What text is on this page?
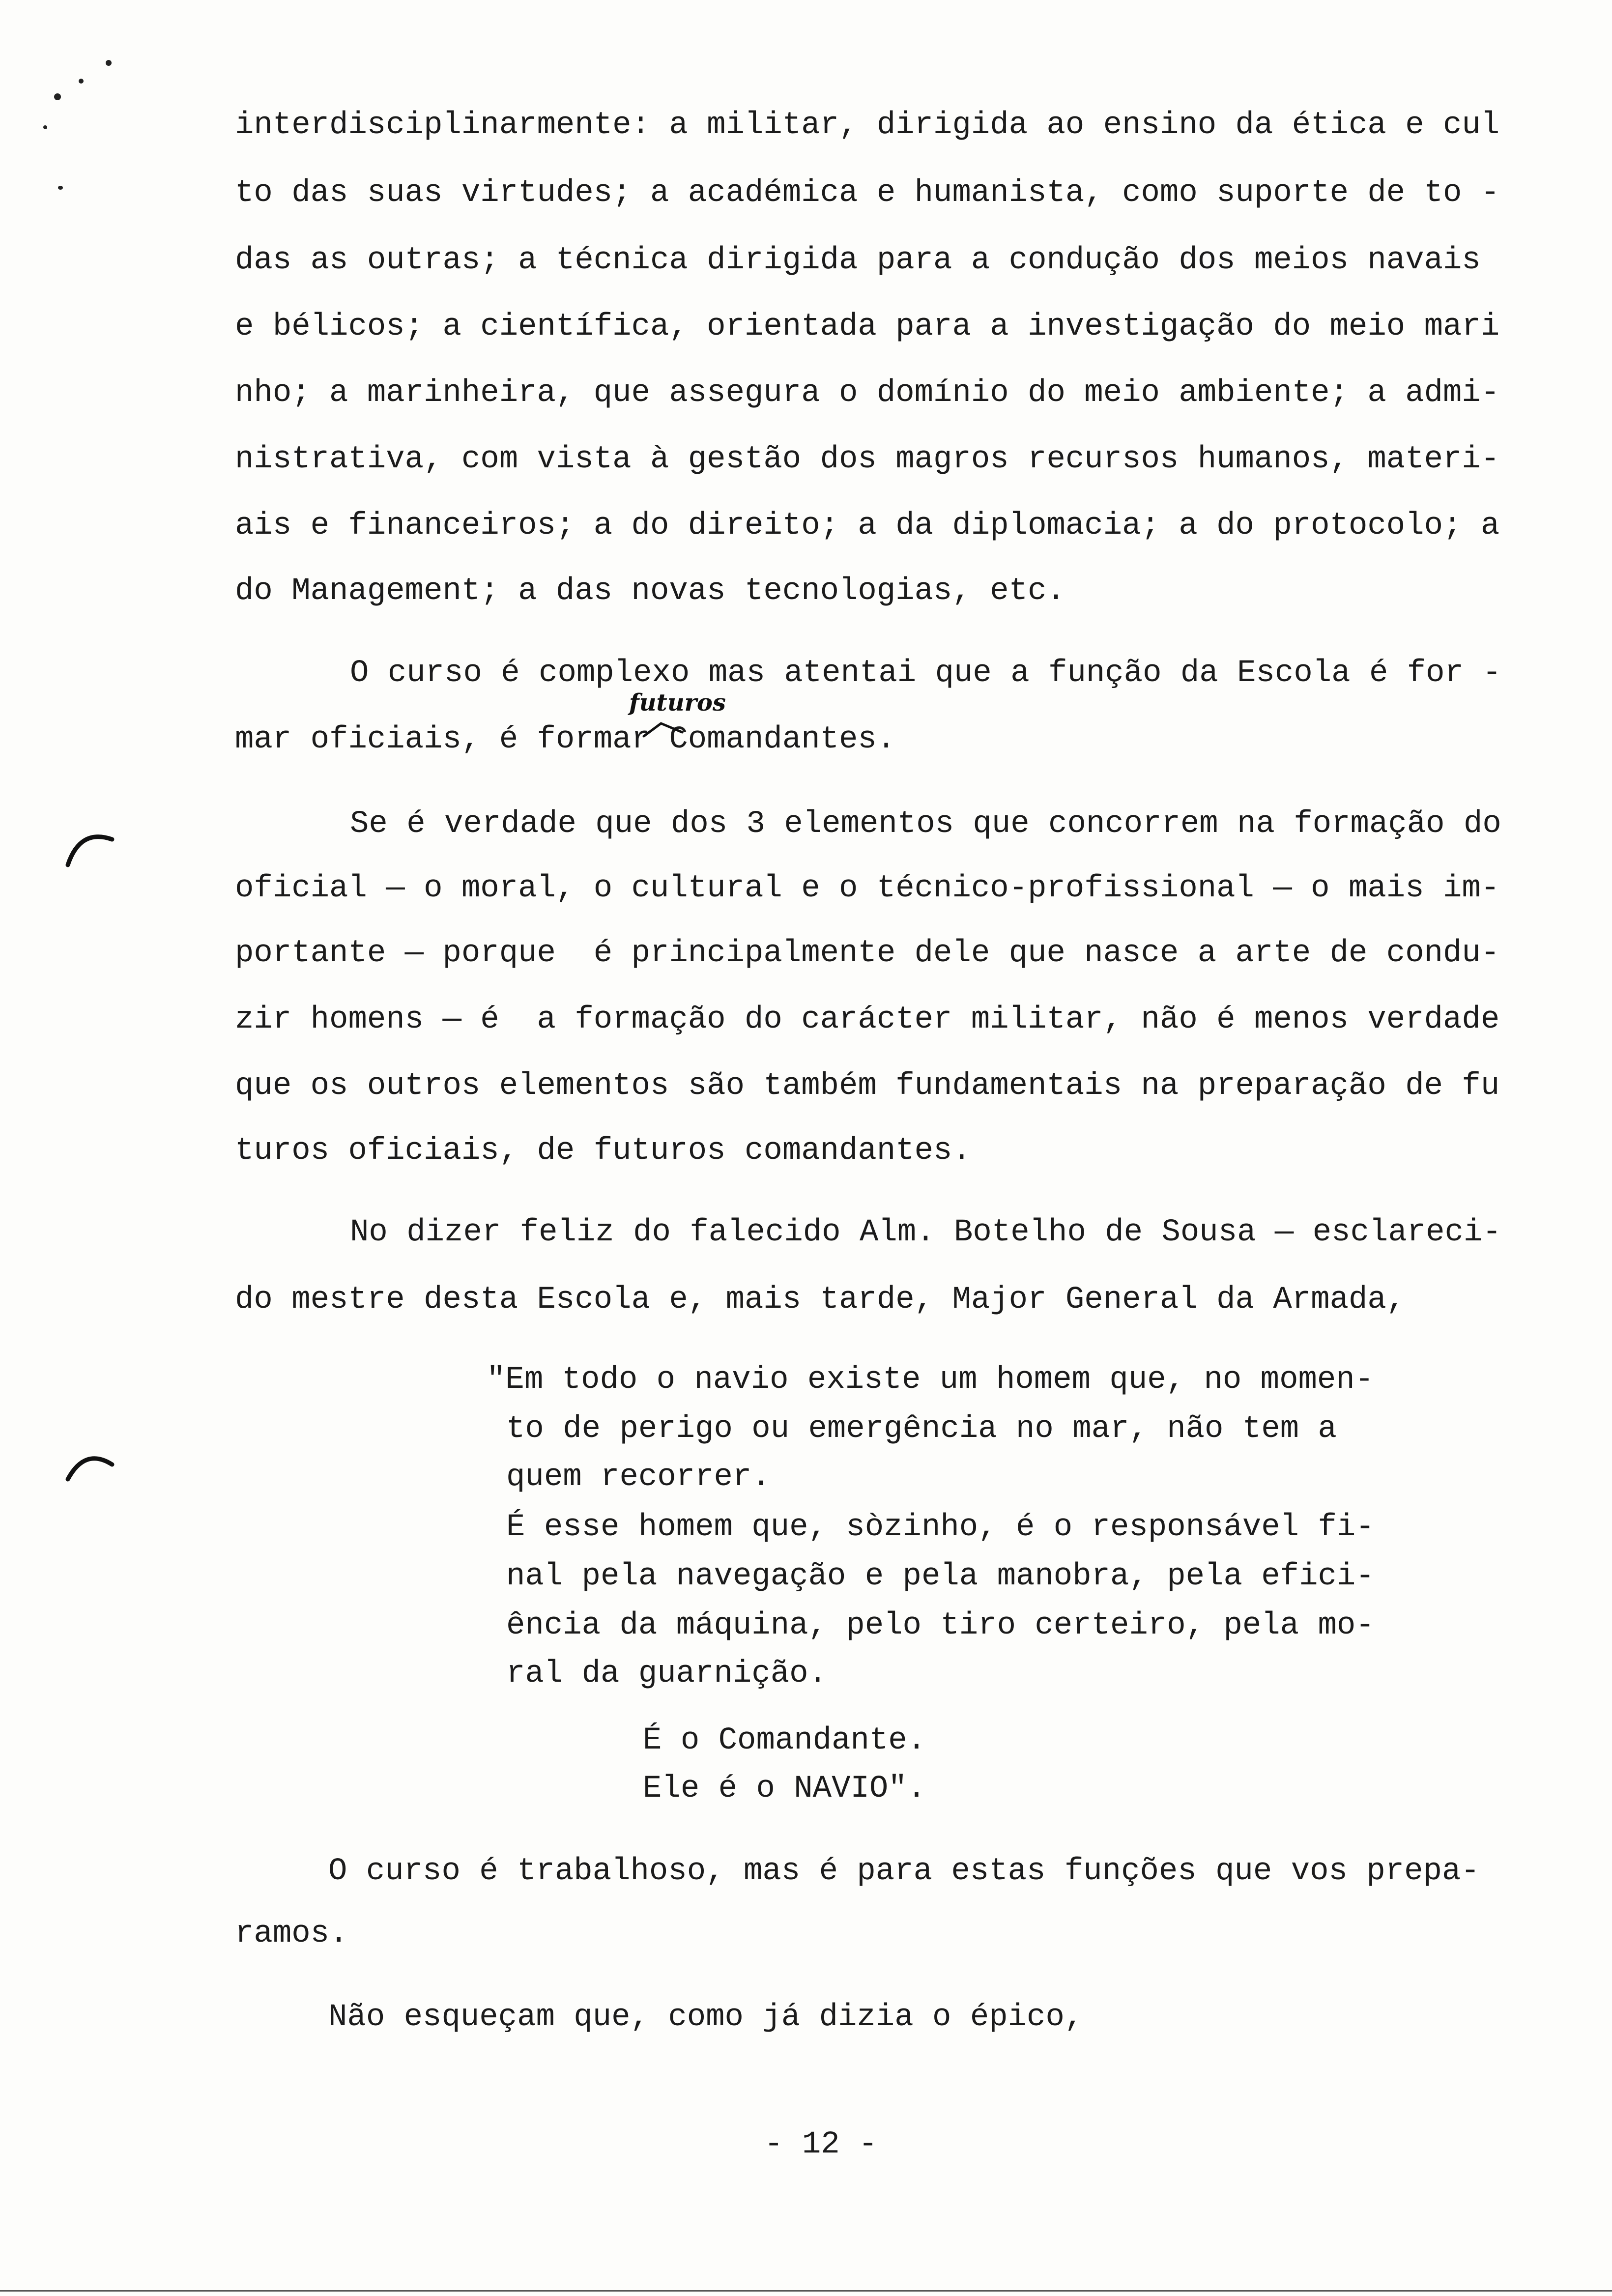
interdisciplinarmente: a militar, dirigida ao ensino da ética e cul
to das suas virtudes; a académica e humanista, como suporte de to -
das as outras; a técnica dirigida para a condução dos meios navais
e bélicos; a científica, orientada para a investigação do meio mari
nho; a marinheira, que assegura o domínio do meio ambiente; a admi-
nistrativa, com vista à gestão dos magros recursos humanos, materi-
ais e financeiros; a do direito; a da diplomacia; a do protocolo; a
do Management; a das novas tecnologias, etc.
O curso é complexo mas atentai que a função da Escola é for -
mar oficiais, é formar Comandantes.
futuros
Se é verdade que dos 3 elementos que concorrem na formação do
oficial — o moral, o cultural e o técnico-profissional — o mais im-
portante — porque  é principalmente dele que nasce a arte de condu-
zir homens — é  a formação do carácter militar, não é menos verdade
que os outros elementos são também fundamentais na preparação de fu
turos oficiais, de futuros comandantes.
No dizer feliz do falecido Alm. Botelho de Sousa — esclareci-
do mestre desta Escola e, mais tarde, Major General da Armada,
"Em todo o navio existe um homem que, no momen-
to de perigo ou emergência no mar, não tem a
quem recorrer.
É esse homem que, sòzinho, é o responsável fi-
nal pela navegação e pela manobra, pela efici-
ência da máquina, pelo tiro certeiro, pela mo-
ral da guarnição.
É o Comandante.
Ele é o NAVIO".
O curso é trabalhoso, mas é para estas funções que vos prepa-
ramos.
Não esqueçam que, como já dizia o épico,
- 12 -
